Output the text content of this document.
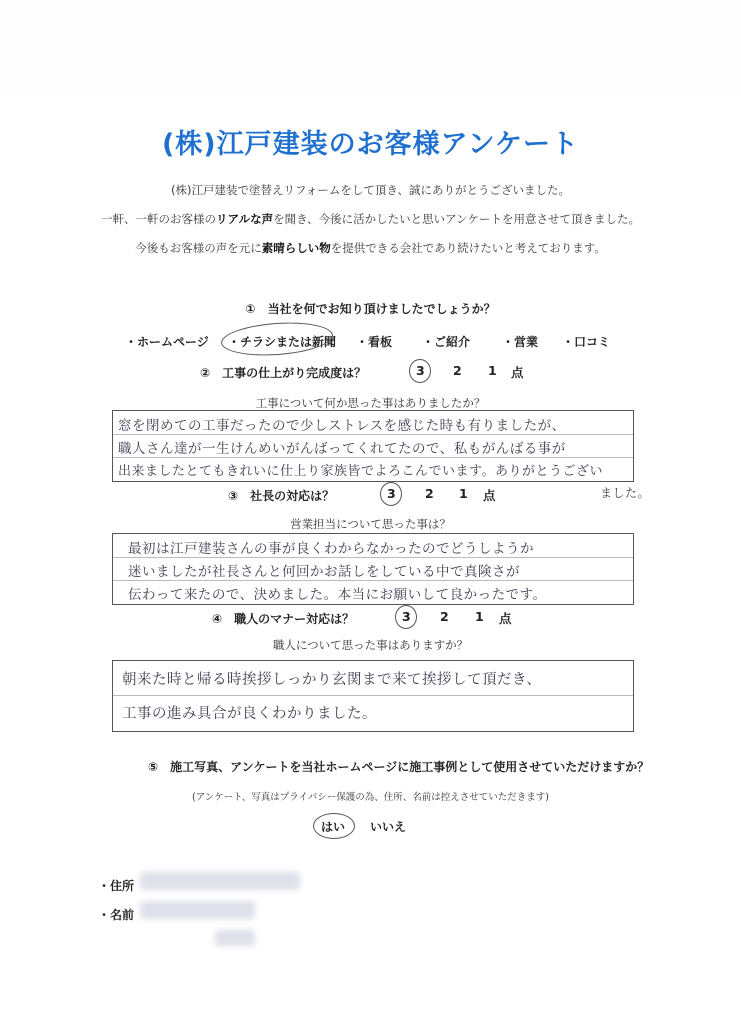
(株)江戸建装のお客様アンケート
(株)江戸建装で塗替えリフォームをして頂き、誠にありがとうございました。
一軒、一軒のお客様のリアルな声を聞き、今後に活かしたいと思いアンケートを用意させて頂きました。
今後もお客様の声を元に素晴らしい物を提供できる会社であり続けたいと考えております。
①　当社を何でお知り頂けましたでしょうか？
・ホームページ ・チラシまたは新聞 ・看板 ・ご紹介	・営業 ・口コミ
②　工事の仕上がり完成度は？	3 2 1 点
工事について何か思った事はありましたか？
窓を閉めての工事だったので少しストレスを感じた時も有りましたが、
職人さん達が一生けんめいがんばってくれてたので、私もがんばる事が
出来ましたとてもきれいに仕上り家族皆でよろこんでいます。ありがとうござい
ました。
③　社長の対応は？	3 2 1 点
営業担当について思った事は？
最初は江戸建装さんの事が良くわからなかったのでどうしようか
迷いましたが社長さんと何回かお話しをしている中で真険さが
伝わって来たので、決めました。本当にお願いして良かったです。
④　職人のマナー対応は？	3 2 1 点
職人について思った事はありますか？
朝来た時と帰る時挨拶しっかり玄関まで来て挨拶して頂だき、
工事の進み具合が良くわかりました。
⑤　施工写真、アンケートを当社ホームページに施工事例として使用させていただけますか？
(アンケート、写真はプライバシー保護の為、住所、名前は控えさせていただきます)
はい いいえ
・住所
・名前
